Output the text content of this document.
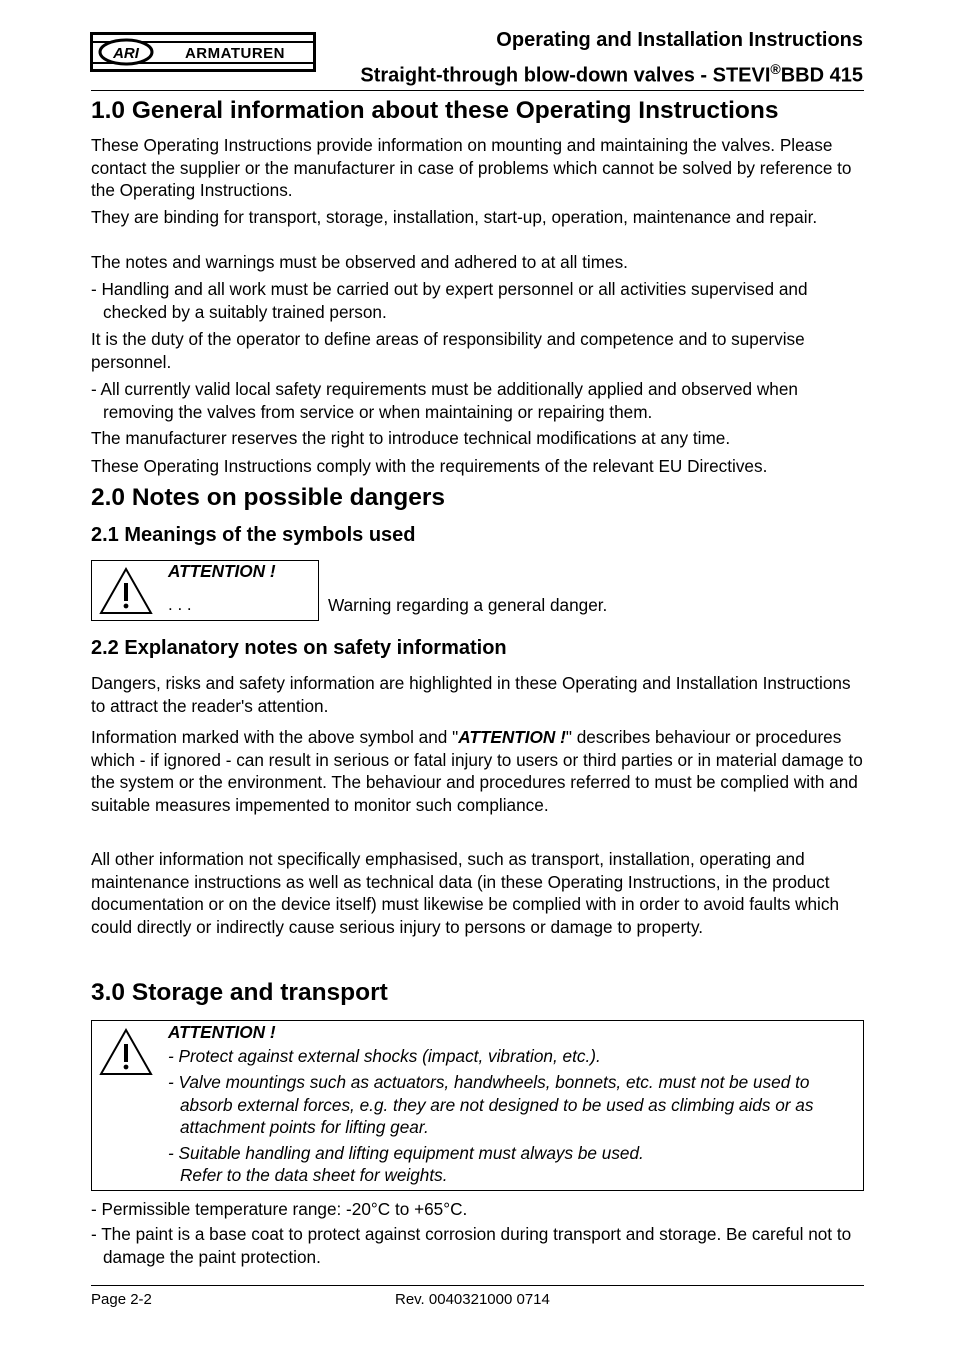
ARI	ARMATUREN
Operating and Installation Instructions
Straight-through blow-down valves - STEVI®BBD 415
1.0 General information about these Operating Instructions

These Operating Instructions provide information on mounting and maintaining the valves. Please contact the supplier or the manufacturer in case of problems which cannot be solved by reference to the Operating Instructions.

They are binding for transport, storage, installation, start-up, operation, maintenance and repair.

The notes and warnings must be observed and adhered to at all times.

- Handling and all work must be carried out by expert personnel or all activities supervised and checked by a suitably trained person.

It is the duty of the operator to define areas of responsibility and competence and to supervise personnel.

- All currently valid local safety requirements must be additionally applied and observed when removing the valves from service or when maintaining or repairing them.

The manufacturer reserves the right to introduce technical modifications at any time.

These Operating Instructions comply with the requirements of the relevant EU Directives.

2.0 Notes on possible dangers
2.1 Meanings of the symbols used
ATTENTION !
. . .	Warning regarding a general danger.
2.2 Explanatory notes on safety information

Dangers, risks and safety information are highlighted in these Operating and Installation Instructions to attract the reader's attention.

Information marked with the above symbol and "ATTENTION !" describes behaviour or procedures which - if ignored - can result in serious or fatal injury to users or third parties or in material damage to the system or the environment. The behaviour and procedures referred to must be complied with and suitable measures impemented to monitor such compliance.

All other information not specifically emphasised, such as transport, installation, operating and maintenance instructions as well as technical data (in these Operating Instructions, in the product documentation or on the device itself) must likewise be complied with in order to avoid faults which could directly or indirectly cause serious injury to persons or damage to property.

3.0 Storage and transport
ATTENTION !

- Protect against external shocks (impact, vibration, etc.).

- Valve mountings such as actuators, handwheels, bonnets, etc. must not be used to absorb external forces, e.g. they are not designed to be used as climbing aids or as attachment points for lifting gear.

- Suitable handling and lifting equipment must always be used.

Refer to the data sheet for weights.

- Permissible temperature range: -20°C to +65°C.

- The paint is a base coat to protect against corrosion during transport and storage. Be careful not to damage the paint protection.

Page 2-2	Rev. 0040321000 0714
